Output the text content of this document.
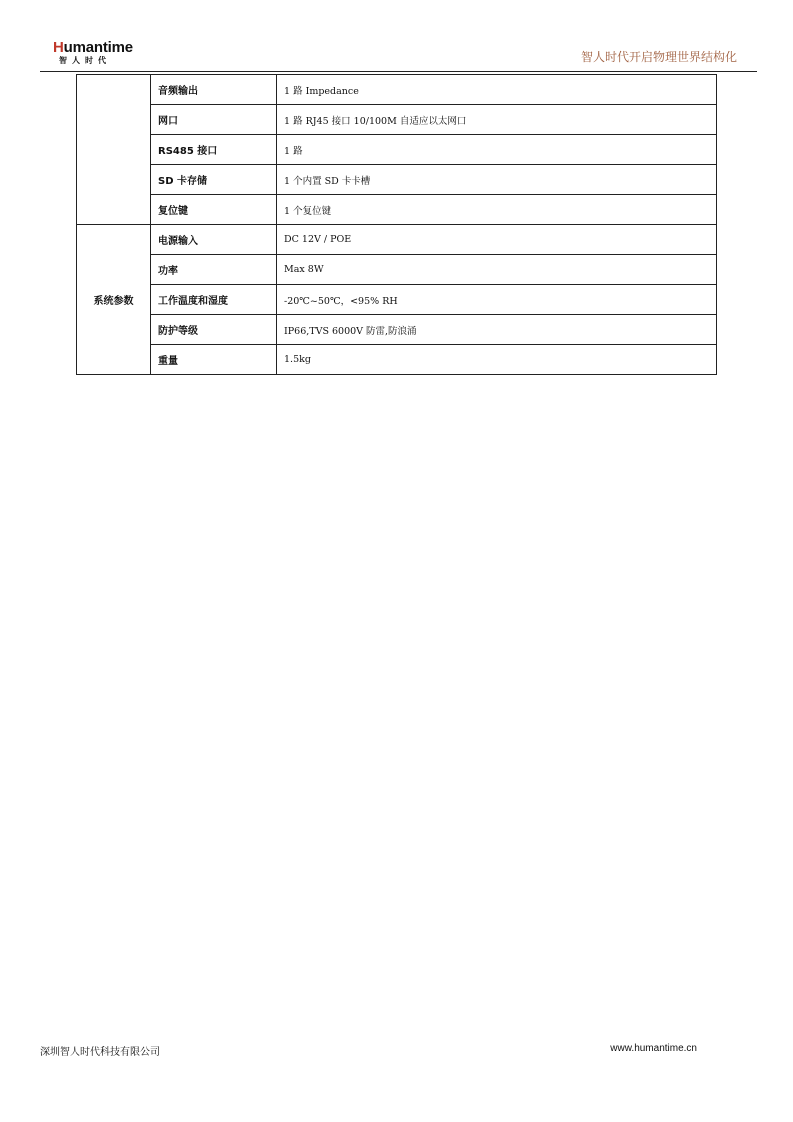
Humantime
智人时代	智人时代开启物理世界结构化
	音频输出	1 路 Impedance
	网口	1 路 RJ45 接口 10/100M 自适应以太网口
	RS485 接口	1 路
	SD 卡存储	1 个内置 SD 卡卡槽
	复位键	1 个复位键
系统参数	电源输入	DC 12V / POE
	功率	Max 8W
	工作温度和湿度	-20℃~50℃，<95% RH
	防护等级	IP66,TVS 6000V 防雷,防浪涌
	重量	1.5kg
深圳智人时代科技有限公司	www.humantime.cn
